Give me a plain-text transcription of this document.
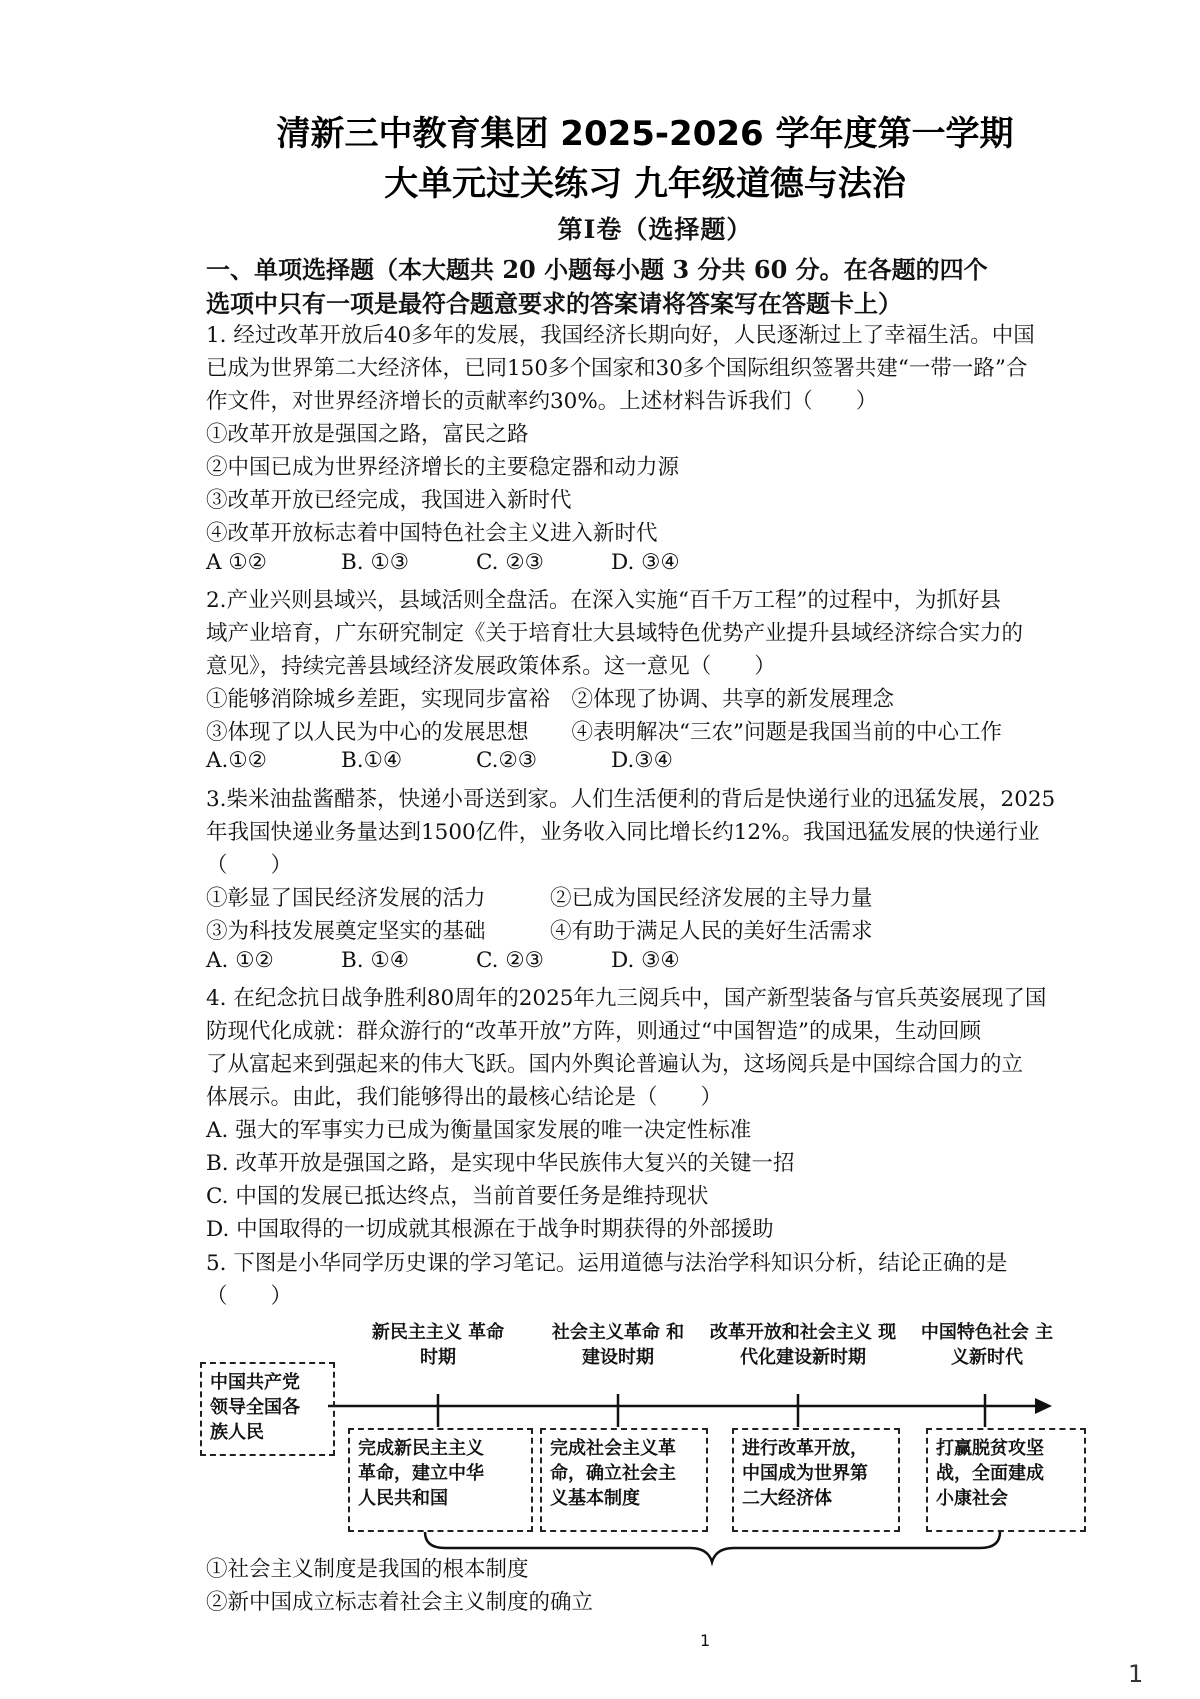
清新三中教育集团 2025-2026 学年度第一学期
大单元过关练习 九年级道德与法治
第Ⅰ卷（选择题）
一、单项选择题（本大题共 20 小题每小题 3 分共 60 分。在各题的四个
选项中只有一项是最符合题意要求的答案请将答案写在答题卡上）
1. 经过改革开放后40多年的发展，我国经济长期向好，人民逐渐过上了幸福生活。中国
已成为世界第二大经济体，已同150多个国家和30多个国际组织签署共建“一带一路”合
作文件，对世界经济增长的贡献率约30%。上述材料告诉我们（　　）
①改革开放是强国之路，富民之路
②中国已成为世界经济增长的主要稳定器和动力源
③改革开放已经完成，我国进入新时代
④改革开放标志着中国特色社会主义进入新时代
A ①②	B. ①③	C. ②③	D. ③④
2.产业兴则县域兴，县域活则全盘活。在深入实施“百千万工程”的过程中，为抓好县
域产业培育，广东研究制定《关于培育壮大县域特色优势产业提升县域经济综合实力的
意见》，持续完善县域经济发展政策体系。这一意见（　　）
①能够消除城乡差距，实现同步富裕　②体现了协调、共享的新发展理念
③体现了以人民为中心的发展思想　　④表明解决“三农”问题是我国当前的中心工作
A.①②	B.①④	C.②③	D.③④
3.柴米油盐酱醋茶，快递小哥送到家。人们生活便利的背后是快递行业的迅猛发展，2025
年我国快递业务量达到1500亿件，业务收入同比增长约12%。我国迅猛发展的快递行业
（　　）
①彰显了国民经济发展的活力　　　②已成为国民经济发展的主导力量
③为科技发展奠定坚实的基础　　　④有助于满足人民的美好生活需求
A. ①②	B. ①④	C. ②③	D. ③④
4. 在纪念抗日战争胜利80周年的2025年九三阅兵中，国产新型装备与官兵英姿展现了国
防现代化成就：群众游行的“改革开放”方阵，则通过“中国智造”的成果，生动回顾
了从富起来到强起来的伟大飞跃。国内外舆论普遍认为，这场阅兵是中国综合国力的立
体展示。由此，我们能够得出的最核心结论是（　　）
A. 强大的军事实力已成为衡量国家发展的唯一决定性标准
B. 改革开放是强国之路，是实现中华民族伟大复兴的关键一招
C. 中国的发展已抵达终点，当前首要任务是维持现状
D. 中国取得的一切成就其根源在于战争时期获得的外部援助
5. 下图是小华同学历史课的学习笔记。运用道德与法治学科知识分析，结论正确的是
（　　）
中国共产党
领导全国各
族人民
新民主主义 革命时期
社会主义革命 和建设时期
改革开放和社会主义 现代化建设新时期
中国特色社会 主义新时代
完成新民主主义
革命，建立中华
人民共和国
完成社会主义革
命，确立社会主
义基本制度
进行改革开放，
中国成为世界第
二大经济体
打赢脱贫攻坚
战，全面建成
小康社会
①社会主义制度是我国的根本制度
②新中国成立标志着社会主义制度的确立
1
1
